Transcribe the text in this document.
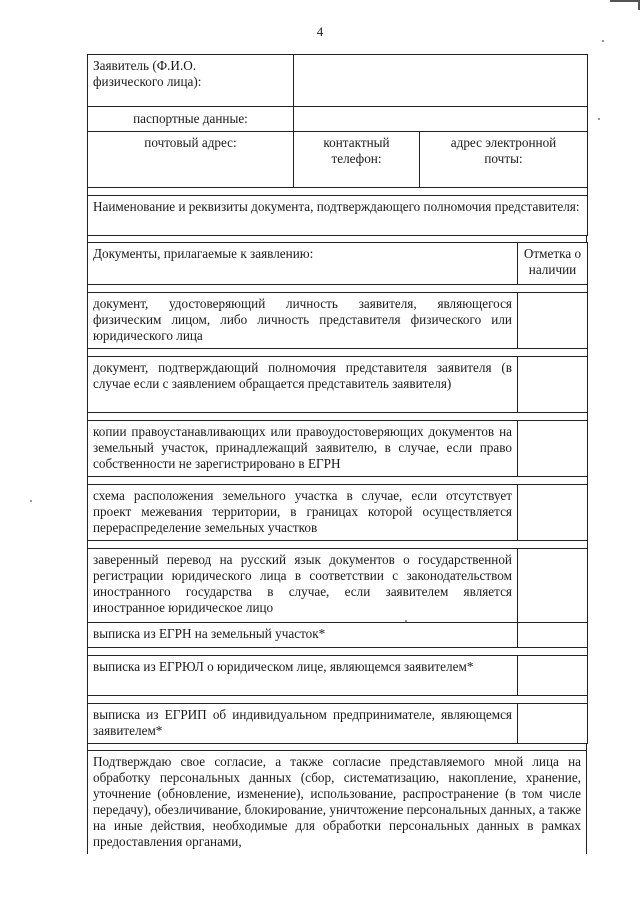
4
Заявитель (Ф.И.О. физического лица):		
паспортные данные:		
почтовый адрес:	контактный телефон:	адрес электронной почты:

Наименование и реквизиты документа, подтверждающего полномочия представителя:		
Документы, прилагаемые к заявлению:	Отметка о наличии

документ, удостоверяющий личность заявителя, являющегося физическим лицом, либо личность представителя физического или юридического лица	

документ, подтверждающий полномочия представителя заявителя (в случае если с заявлением обращается представитель заявителя)	

копии правоустанавливающих или правоудостоверяющих документов на земельный участок, принадлежащий заявителю, в случае, если право собственности не зарегистрировано в ЕГРН	

схема расположения земельного участка в случае, если отсутствует проект межевания территории, в границах которой осуществляется перераспределение земельных участков	

заверенный перевод на русский язык документов о государственной регистрации юридического лица в соответствии с законодательством иностранного государства в случае, если заявителем является иностранное юридическое лицо	
выписка из ЕГРН на земельный участок*	

выписка из ЕГРЮЛ о юридическом лице, являющемся заявителем*	

выписка из ЕГРИП об индивидуальном предпринимателе, являющемся заявителем*	
Подтверждаю свое согласие, а также согласие представляемого мной лица на обработку персональных данных (сбор, систематизацию, накопление, хранение, уточнение (обновление, изменение), использование, распространение (в том числе передачу), обезличивание, блокирование, уничтожение персональных данных, а также на иные действия, необходимые для обработки персональных данных в рамках предоставления органами,
